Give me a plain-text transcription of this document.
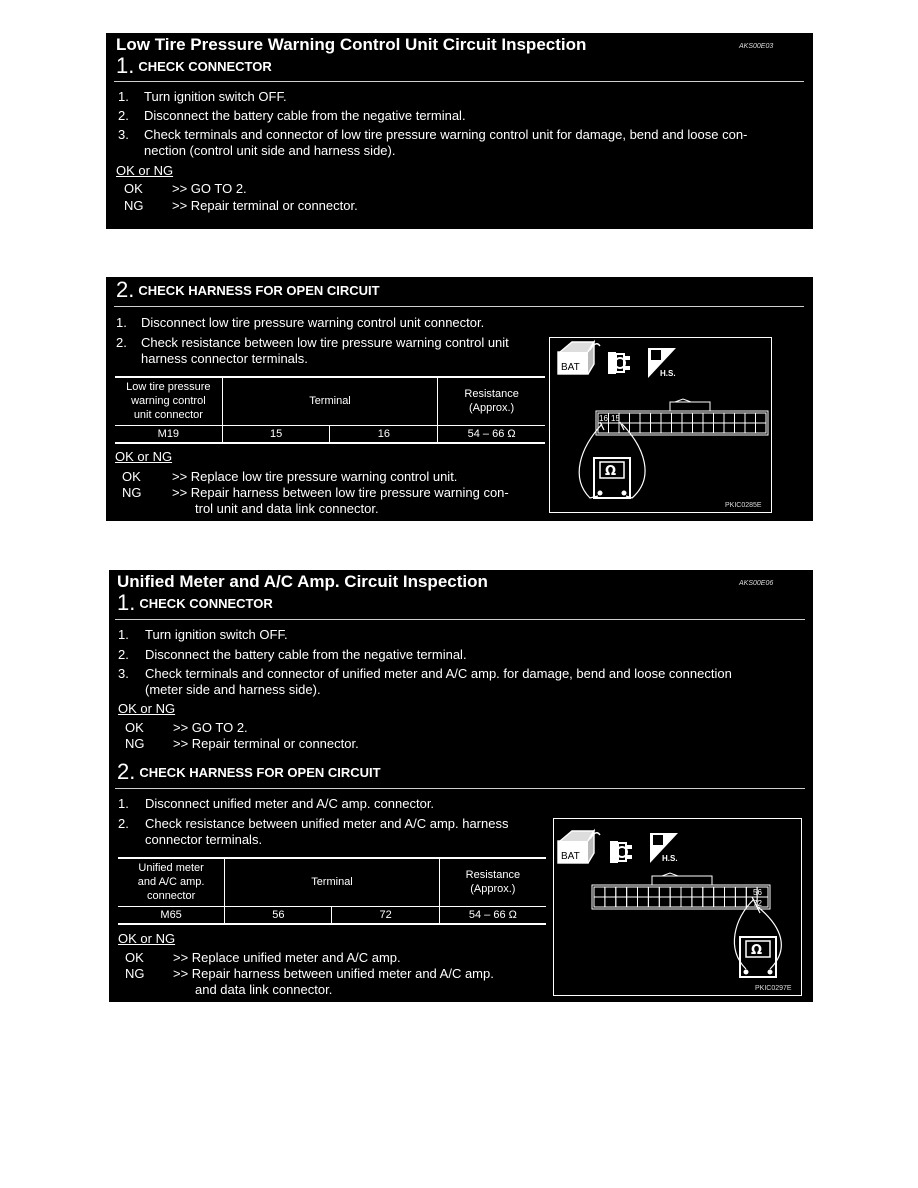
Low Tire Pressure Warning Control Unit Circuit Inspection	AKS00E03
1. CHECK CONNECTOR
1. Turn ignition switch OFF.
2. Disconnect the battery cable from the negative terminal.
3. Check terminals and connector of low tire pressure warning control unit for damage, bend and loose con-
nection (control unit side and harness side).
OK or NG
OK >> GO TO 2.
NG >> Repair terminal or connector.
2. CHECK HARNESS FOR OPEN CIRCUIT
1. Disconnect low tire pressure warning control unit connector.
2. Check resistance between low tire pressure warning control unit
harness connector terminals.
Low tire pressure
warning control
unit connector	Terminal		Resistance
(Approx.)
M19	15	16	54 – 66 Ω
OK or NG
OK >> Replace low tire pressure warning control unit.
NG >> Repair harness between low tire pressure warning con-
trol unit and data link connector.
BAT
H.S.
16 15
Ω
PKIC0285E
Unified Meter and A/C Amp. Circuit Inspection	AKS00E06
1. CHECK CONNECTOR
1. Turn ignition switch OFF.
2. Disconnect the battery cable from the negative terminal.
3. Check terminals and connector of unified meter and A/C amp. for damage, bend and loose connection
(meter side and harness side).
OK or NG
OK >> GO TO 2.
NG >> Repair terminal or connector.
2. CHECK HARNESS FOR OPEN CIRCUIT
1. Disconnect unified meter and A/C amp. connector.
2. Check resistance between unified meter and A/C amp. harness
connector terminals.
Unified meter
and A/C amp.
connector	Terminal		Resistance
(Approx.)
M65	56	72	54 – 66 Ω
OK or NG
OK >> Replace unified meter and A/C amp.
NG >> Repair harness between unified meter and A/C amp.
and data link connector.
BAT	H.S.
56
72
Ω
PKIC0297E
